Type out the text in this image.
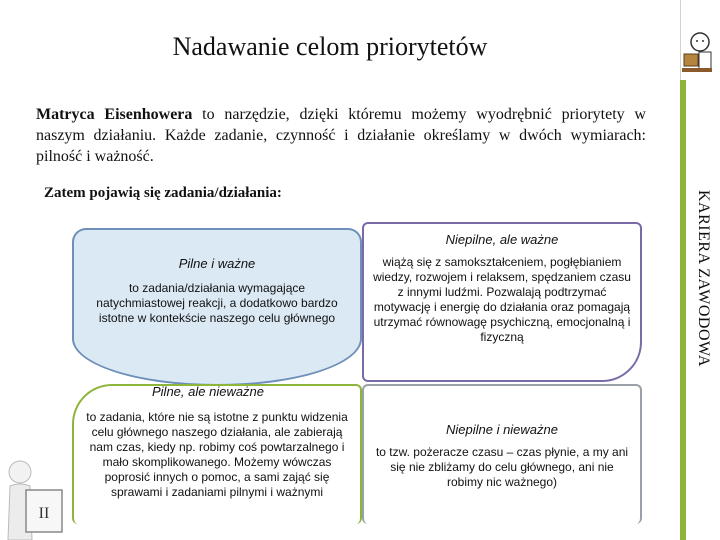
Nadawanie celom priorytetów

Matryca Eisenhowera to narzędzie, dzięki któremu możemy wyodrębnić priorytety w naszym działaniu. Każde zadanie, czynność i działanie określamy w dwóch wymiarach: pilność i ważność.

Zatem pojawią się zadania/działania:	KARIERA ZAWODOWA
Pilne i ważne
to zadania/działania wymagające natychmiastowej reakcji, a dodatkowo bardzo istotne w kontekście naszego celu głównego
Niepilne, ale ważne
wiążą się z samokształceniem, pogłębianiem wiedzy, rozwojem i relaksem, spędzaniem czasu z innymi ludźmi. Pozwalają podtrzymać motywację i energię do działania oraz pomagają utrzymać równowagę psychiczną, emocjonalną i fizyczną
Pilne, ale nieważne
to zadania, które nie są istotne z punktu widzenia celu głównego naszego działania, ale zabierają nam czas, kiedy np. robimy coś powtarzalnego i mało skomplikowanego. Możemy wówczas poprosić innych o pomoc, a sami zająć się sprawami i zadaniami pilnymi i ważnymi
Niepilne i nieważne
to tzw. pożeracze czasu – czas płynie, a my ani się nie zbliżamy do celu głównego, ani nie robimy nic ważnego)
II
